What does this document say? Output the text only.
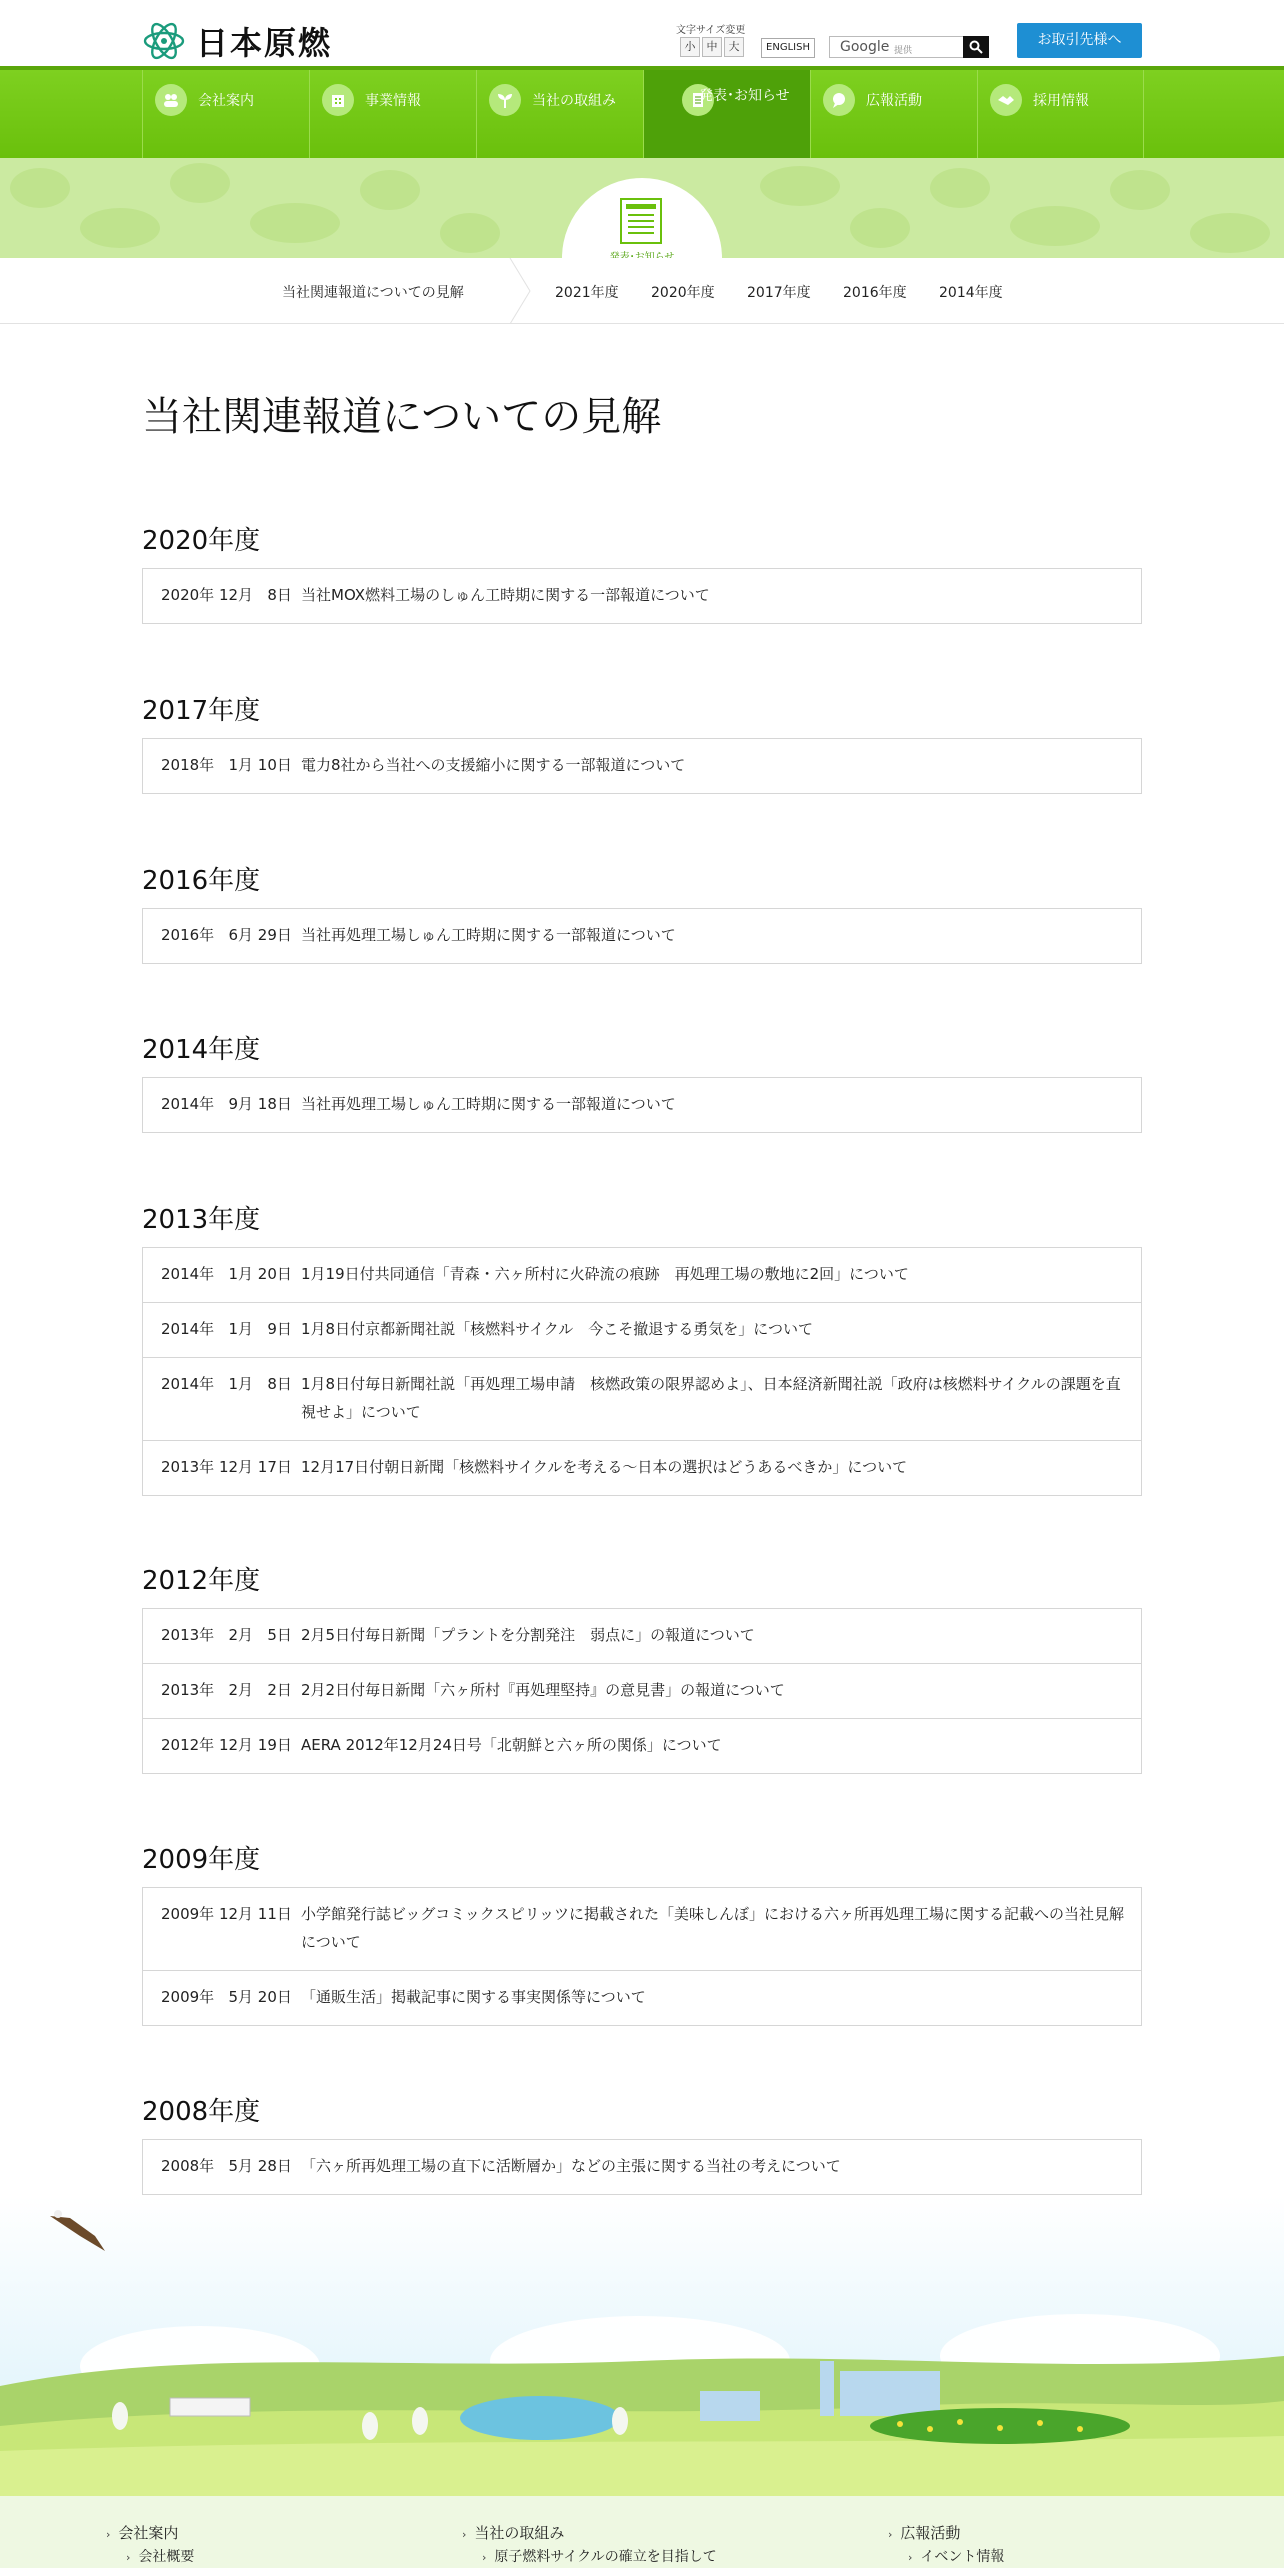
日本原燃	文字サイズ変更
小	中	大	ENGLISH	Google 提供
お取引先様へ
会社案内	事業情報	当社の取組み	発表･お知らせ	広報活動	採用情報
当社関連報道についての見解	2021年度 2020年度 2017年度 2016年度 2014年度
当社関連報道についての見解
2020年度
2020年 12月   8日 当社MOX燃料工場のしゅん工時期に関する一部報道について
2017年度
2018年   1月 10日 電力8社から当社への支援縮小に関する一部報道について
2016年度
2016年   6月 29日 当社再処理工場しゅん工時期に関する一部報道について
2014年度
2014年   9月 18日 当社再処理工場しゅん工時期に関する一部報道について
2013年度
2014年   1月 20日 1月19日付共同通信「青森・六ヶ所村に火砕流の痕跡　再処理工場の敷地に2回」について
2014年   1月   9日 1月8日付京都新聞社説「核燃料サイクル　今こそ撤退する勇気を」について
2014年   1月   8日 1月8日付毎日新聞社説「再処理工場申請　核燃政策の限界認めよ」、日本経済新聞社説「政府は核燃料サイクルの課題を直視せよ」について
2013年 12月 17日 12月17日付朝日新聞「核燃料サイクルを考える～日本の選択はどうあるべきか」について
2012年度
2013年   2月   5日 2月5日付毎日新聞「プラントを分割発注　弱点に」の報道について
2013年   2月   2日 2月2日付毎日新聞「六ヶ所村『再処理堅持』の意見書」の報道について
2012年 12月 19日 AERA 2012年12月24日号「北朝鮮と六ヶ所の関係」について
2009年度
2009年 12月 11日 小学館発行誌ビッグコミックスピリッツに掲載された「美味しんぼ」における六ヶ所再処理工場に関する記載への当社見解について
2009年   5月 20日 「通販生活」掲載記事に関する事実関係等について
2008年度
2008年   5月 28日 「六ヶ所再処理工場の直下に活断層か」などの主張に関する当社の考えについて
› 会社案内
› 会社概要
› 当社の取組み
› 原子燃料サイクルの確立を目指して
› 広報活動
› イベント情報
